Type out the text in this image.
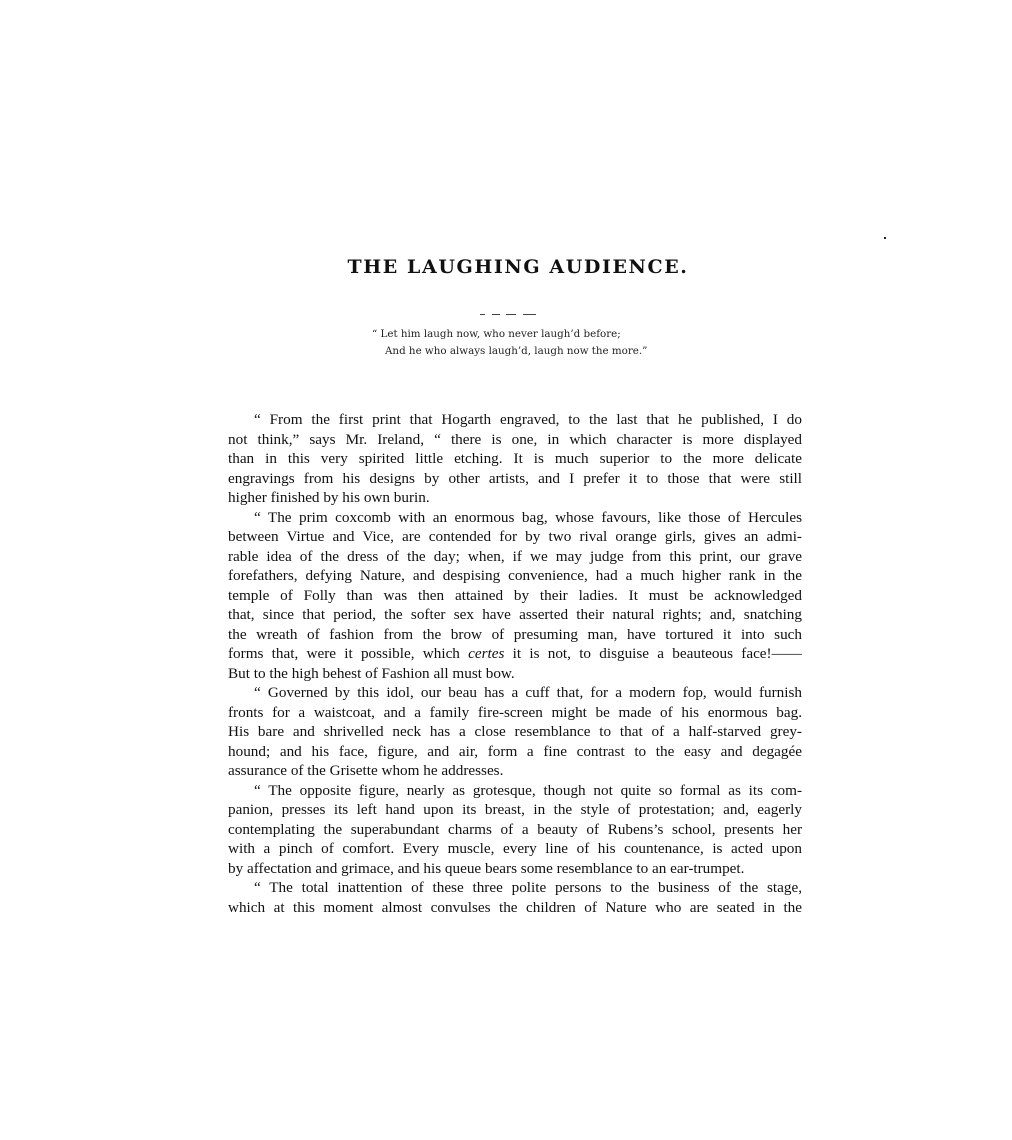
THE LAUGHING AUDIENCE.
“ Let him laugh now, who never laugh’d before;
And he who always laugh’d, laugh now the more.”
“ From the first print that Hogarth engraved, to the last that he published, I do
not think,” says Mr. Ireland, “ there is one, in which character is more displayed
than in this very spirited little etching. It is much superior to the more delicate
engravings from his designs by other artists, and I prefer it to those that were still
higher finished by his own burin.
“ The prim coxcomb with an enormous bag, whose favours, like those of Hercules
between Virtue and Vice, are contended for by two rival orange girls, gives an admi-
rable idea of the dress of the day; when, if we may judge from this print, our grave
forefathers, defying Nature, and despising convenience, had a much higher rank in the
temple of Folly than was then attained by their ladies. It must be acknowledged
that, since that period, the softer sex have asserted their natural rights; and, snatching
the wreath of fashion from the brow of presuming man, have tortured it into such
forms that, were it possible, which certes it is not, to disguise a beauteous face!——
But to the high behest of Fashion all must bow.
“ Governed by this idol, our beau has a cuff that, for a modern fop, would furnish
fronts for a waistcoat, and a family fire-screen might be made of his enormous bag.
His bare and shrivelled neck has a close resemblance to that of a half-starved grey-
hound; and his face, figure, and air, form a fine contrast to the easy and degagée
assurance of the Grisette whom he addresses.
“ The opposite figure, nearly as grotesque, though not quite so formal as its com-
panion, presses its left hand upon its breast, in the style of protestation; and, eagerly
contemplating the superabundant charms of a beauty of Rubens’s school, presents her
with a pinch of comfort. Every muscle, every line of his countenance, is acted upon
by affectation and grimace, and his queue bears some resemblance to an ear-trumpet.
“ The total inattention of these three polite persons to the business of the stage,
which at this moment almost convulses the children of Nature who are seated in the
